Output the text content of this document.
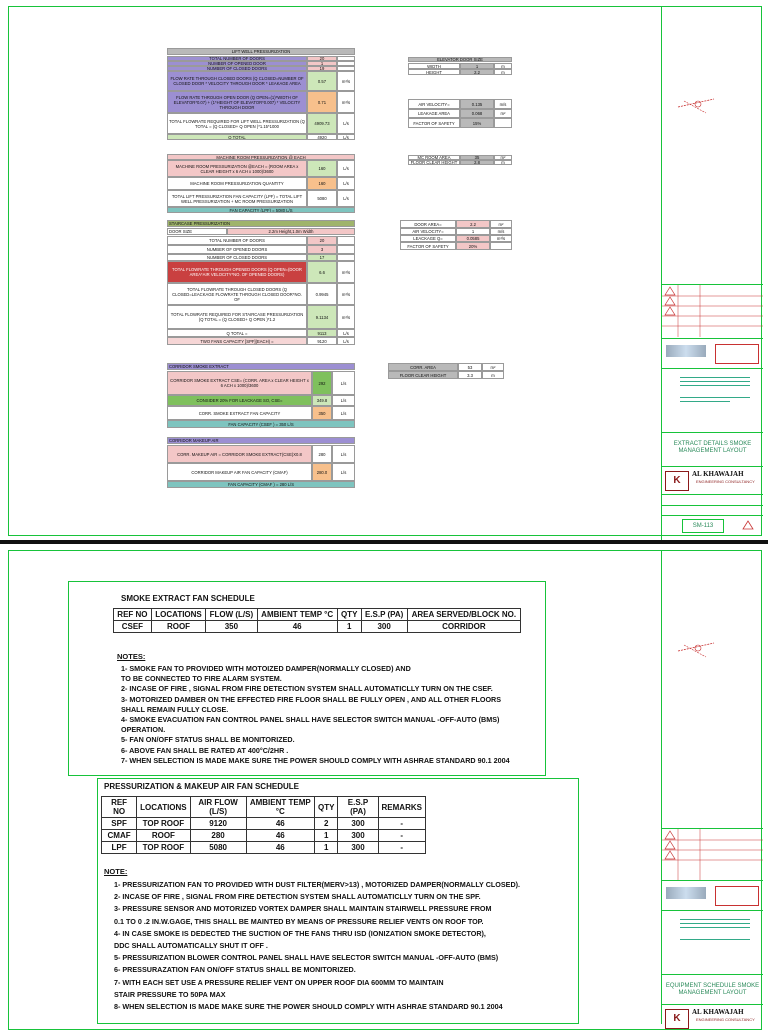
LIFT WELL PRESSURIZATION
TOTAL NUMBER OF DOORS	20
NUMBER OF OPENED DOOR	1
NUMBER OF CLOSED DOORS	19
FLOW RATE THROUGH CLOSED DOORS (Q CLOSED=NUMBER OF CLOSED DOOR * VELOCITY THROUGH DOOR * LEAKAGE AREA	0.57	m³/s
FLOW RATE THROUGH OPEN DOOR (Q OPEN=(1)*WIDTH OF ELEVATOR*0.07) + (1*HEIGHT OF ELEVATOR*0.007) * VELOCITY THROUGH DOOR
0.71	m³/s
TOTAL FLOWRATE REQUIRED FOR LIFT WELL PRESSURIZATION (Q TOTAL = (Q CLOSED+ Q OPEN )*1.15*1000	4909.73	L/s
Q TOTAL	4920	L/s
ELEVATOR DOOR SIZE
WIDTH	1	m
HEIGHT	2.2	m
AIR VELOCITY=	0.135	m/s
LEAKAGE AREA	0.068	m²
FACTOR OF SAFETY	15%
MACHINE ROOM PRESSURIZATION @ EACH
MACHINE ROOM PRESSURIZATION @EACH = (ROOM AREA x CLEAR HEIGHT x 6 ACH x 1000)/3600	160	L/s
MACHINE ROOM PRESSURIZATION QUANTITY	160	L/s
TOTAL LIFT PRESSURIZATION FAN CAPACITY (LPF) = TOTAL LIFT WELL PRESSURIZATION + MC ROOM PRESSURIZATION	5080	L/s
FAN CAPACITY (LPF) = 5080 L/S
MC ROOM AREA	35	m²
FLOOR CLEAR HEIGHT	2.8	m
STAIRCASE PRESSURIZATION
DOOR SIZE	2.2m Height,1.0m Width
TOTAL NUMBER OF DOORS	20
NUMBER OF OPENED DOORS	3
NUMBER OF CLOSED DOORS	17
TOTAL FLOWRATE THROUGH OPENED DOORS (Q OPEN=(DOOR AREA*AIR VELOCITY*NO. OF OPENED DOORS)	6.6	m³/s
TOTAL FLOWRATE THROUGH CLOSED DOORS (Q CLOSED=LEACKAGE FLOWRATE THROUGH CLOSED DOOR*NO. OF
0.9945	m³/s
TOTAL FLOWRATE REQUIRED FOR STAIRCASE PRESSURIZATION (Q TOTAL = (Q CLOSED+ Q OPEN )*1.2	9.1134	m³/s
Q TOTAL =	9113	L/s
TWO FANS CAPACITY [SPF](EACH) =	9120	L/s
DOOR AREA=	2.2	m²
AIR VELOCITY=	1	m/s
LEACKAGE Q=	0.0585	m³/s
FACTOR OF SAFETY	20%
CORRIDOR SMOKE EXTRACT
CORRIDOR SMOKE EXTRACT CSE= (CORR. AREA x CLEAR HEIGHT x 6 ACH x 1000)/3600	292	L/s
CONSIDER 20% FOR LEACKAGE SO, CSE=	349.8	L/s
CORR. SMOKE EXTRACT FAN CAPACITY	350	L/s
FAN CAPACITY (CSEF ) = 350 L/S
CORR. AREA	53	m²
FLOOR CLEAR HEIGHT	3.3	m
CORRIDOR MAKEUP AIR
CORR. MAKEUP AIR = CORRIDOR SMOKE EXTRACT(CSE)X0.8	280	L/s
CORRIDOR MAKEUP AIR FAN CAPACITY (CMAF)	280.0	L/s
FAN CAPACITY (CMAF ) = 280 L/S
EXTRACT DETAILS SMOKE MANAGEMENT LAYOUT
K
AL KHAWAJAH
ENGINEERING CONSULTANCY
SM-113
SMOKE EXTRACT FAN SCHEDULE
REF NO	LOCATIONS	FLOW (L/S)	AMBIENT TEMP °C	QTY	E.S.P (PA)	AREA SERVED/BLOCK NO.
CSEF	ROOF	350	46	1	300	CORRIDOR
NOTES:
1- SMOKE FAN TO PROVIDED WITH MOTOIZED DAMPER(NORMALLY CLOSED) AND
TO BE CONNECTED TO FIRE ALARM SYSTEM.
2- INCASE OF FIRE , SIGNAL FROM FIRE DETECTION SYSTEM SHALL AUTOMATICLLY TURN ON THE CSEF.
3- MOTORIZED DAMBER ON THE EFFECTED FIRE FLOOR SHALL BE FULLY OPEN , AND ALL OTHER FLOORS
SHALL REMAIN FULLY CLOSE.
4- SMOKE EVACUATION FAN CONTROL PANEL SHALL HAVE SELECTOR SWITCH MANUAL -OFF-AUTO (BMS)
OPERATION.
5- FAN ON/OFF STATUS SHALL BE MONITORIZED.
6- ABOVE FAN SHALL BE RATED AT 400°C/2HR .
7- WHEN SELECTION IS MADE MAKE SURE THE POWER SHOULD COMPLY WITH ASHRAE STANDARD 90.1 2004
PRESSURIZATION & MAKEUP AIR FAN SCHEDULE
REF NO	LOCATIONS	AIR FLOW (L/S)	AMBIENT TEMP °C	QTY	E.S.P (PA)	REMARKS
SPF	TOP ROOF	9120	46	2	300	-
CMAF	ROOF	280	46	1	300	-
LPF	TOP ROOF	5080	46	1	300	-
NOTE:
1- PRESSURIZATION FAN TO PROVIDED WITH DUST FILTER(MERV>13) , MOTORIZED DAMPER(NORMALLY CLOSED).
2- INCASE OF FIRE , SIGNAL FROM FIRE DETECTION SYSTEM SHALL AUTOMATICLLY TURN ON THE SPF.
3- PRESSURE SENSOR AND MOTORIZED VORTEX DAMPER SHALL MAINTAIN STAIRWELL PRESSURE FROM
0.1 TO 0 .2 IN.W.GAGE, THIS SHALL BE MAINTED BY MEANS OF PRESSURE RELIEF VENTS ON ROOF TOP.
4- IN CASE SMOKE IS DEDECTED THE SUCTION OF THE FANS THRU ISD (IONIZATION SMOKE DETECTOR),
DDC SHALL AUTOMATICALLY SHUT IT OFF .
5- PRESSURIZATION BLOWER CONTROL PANEL SHALL HAVE SELECTOR SWITCH MANUAL -OFF-AUTO (BMS)
6- PRESSURAZATION FAN ON/OFF STATUS SHALL BE MONITORIZED.
7- WITH EACH SET USE A PRESSURE RELIEF VENT ON UPPER ROOF DIA 600MM TO MAINTAIN
STAIR PRESSURE TO 50PA MAX
8- WHEN SELECTION IS MADE MAKE SURE THE POWER SHOULD COMPLY WITH ASHRAE STANDARD 90.1 2004
EQUIPMENT SCHEDULE SMOKE MANAGEMENT LAYOUT
K
AL KHAWAJAH
ENGINEERING CONSULTANCY
